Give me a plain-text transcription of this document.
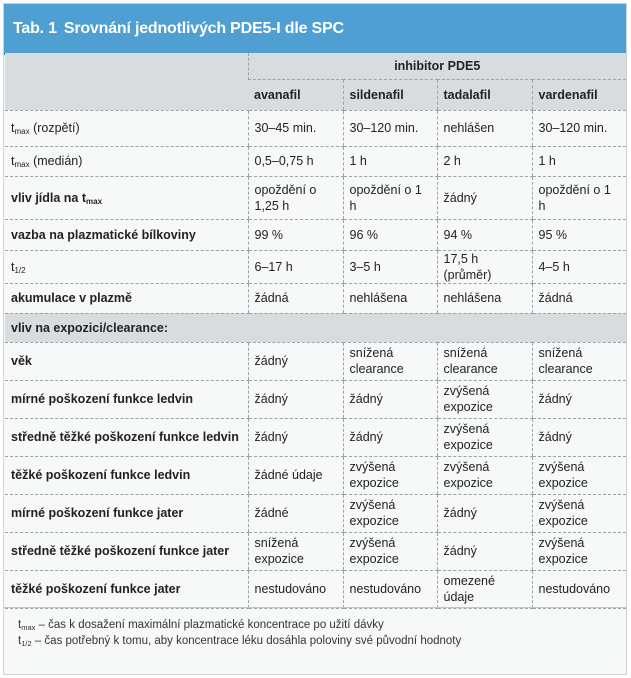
Tab. 1 Srovnání jednotlivých PDE5-I dle SPC
	inhibitor PDE5			
	avanafil	sildenafil	tadalafil	vardenafil
$t_{max}$ (rozpětí)	30–45 min.	30–120 min.	nehlášen	30–120 min.
$t_{max}$ (medián)	0,5–0,75 h	1 h	2 h	1 h
vliv jídla na $t_{max}$	opoždění o 1,25 h	opoždění o 1 h	žádný	opoždění o 1 h
vazba na plazmatické bílkoviny	99 %	96 %	94 %	95 %
$t_{1/2}$	6–17 h	3–5 h	17,5 h (průměr)	4–5 h
akumulace v plazmě	žádná	nehlášena	nehlášena	žádná
vliv na expozici/clearance:				
věk	žádný	snížená clearance	snížená clearance	snížená clearance
mírné poškození funkce ledvin	žádný	žádný	zvýšená expozice	žádný
středně těžké poškození funkce ledvin	žádný	žádný	zvýšená expozice	žádný
těžké poškození funkce ledvin	žádné údaje	zvýšená expozice	zvýšená expozice	zvýšená expozice
mírné poškození funkce jater	žádné	zvýšená expozice	žádný	zvýšená expozice
středně těžké poškození funkce jater	snížená expozice	zvýšená expozice	žádný	zvýšená expozice
těžké poškození funkce jater	nestudováno	nestudováno	omezené údaje	nestudováno
$t_{max}$ – čas k dosažení maximální plazmatické koncentrace po užití dávky
$t_{1/2}$ – čas potřebný k tomu, aby koncentrace léku dosáhla poloviny své původní hodnoty
